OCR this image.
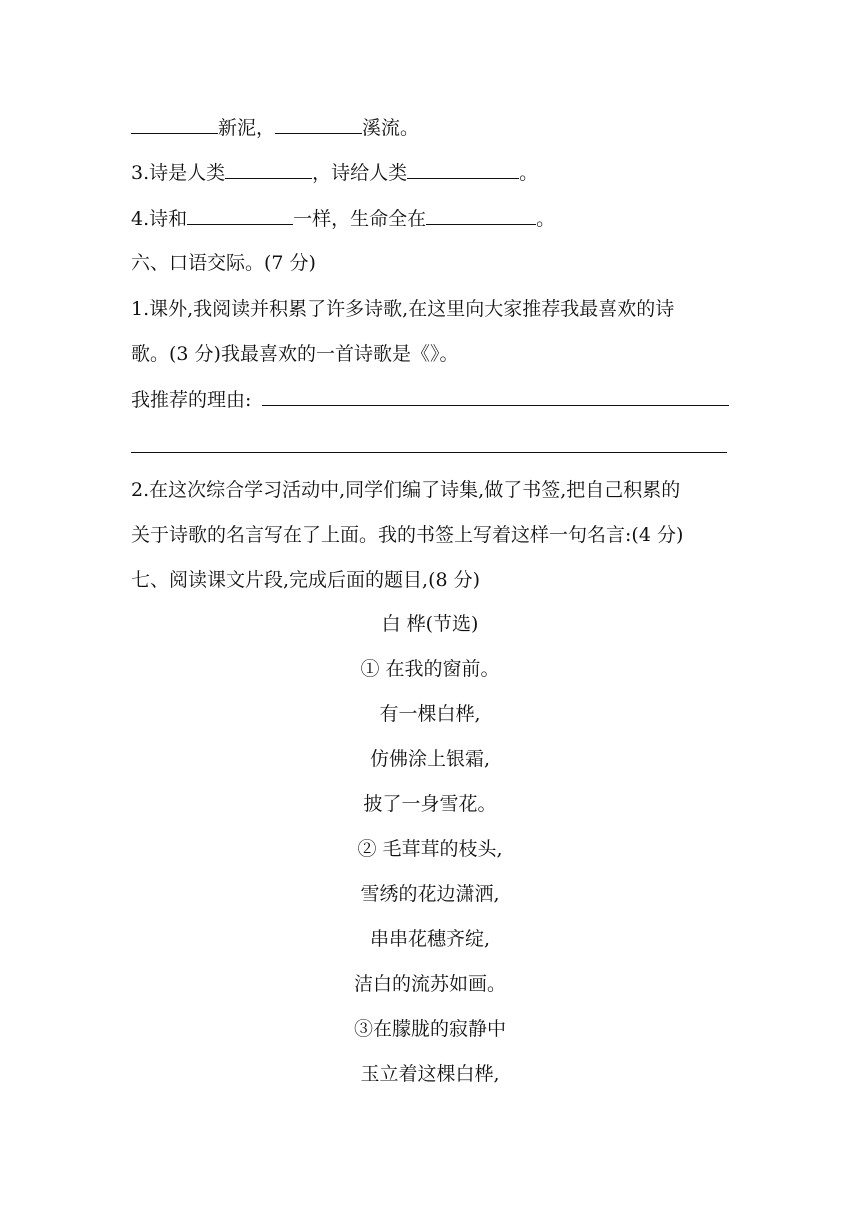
新泥，	溪流。
3.诗是人类	，诗给人类	。
4.诗和	一样，生命全在	。
六、口语交际。(7 分)
1.课外,我阅读并积累了许多诗歌,在这里向大家推荐我最喜欢的诗
歌。(3 分)我最喜欢的一首诗歌是《》。
我推荐的理由:
2.在这次综合学习活动中,同学们编了诗集,做了书签,把自己积累的
关于诗歌的名言写在了上面。我的书签上写着这样一句名言:(4 分)
七、阅读课文片段,完成后面的题目,(8 分)
白 桦(节选)
① 在我的窗前。
有一棵白桦,
仿佛涂上银霜,
披了一身雪花。
② 毛茸茸的枝头,
雪绣的花边潇洒,
串串花穗齐绽,
洁白的流苏如画。
③在朦胧的寂静中
玉立着这棵白桦,
